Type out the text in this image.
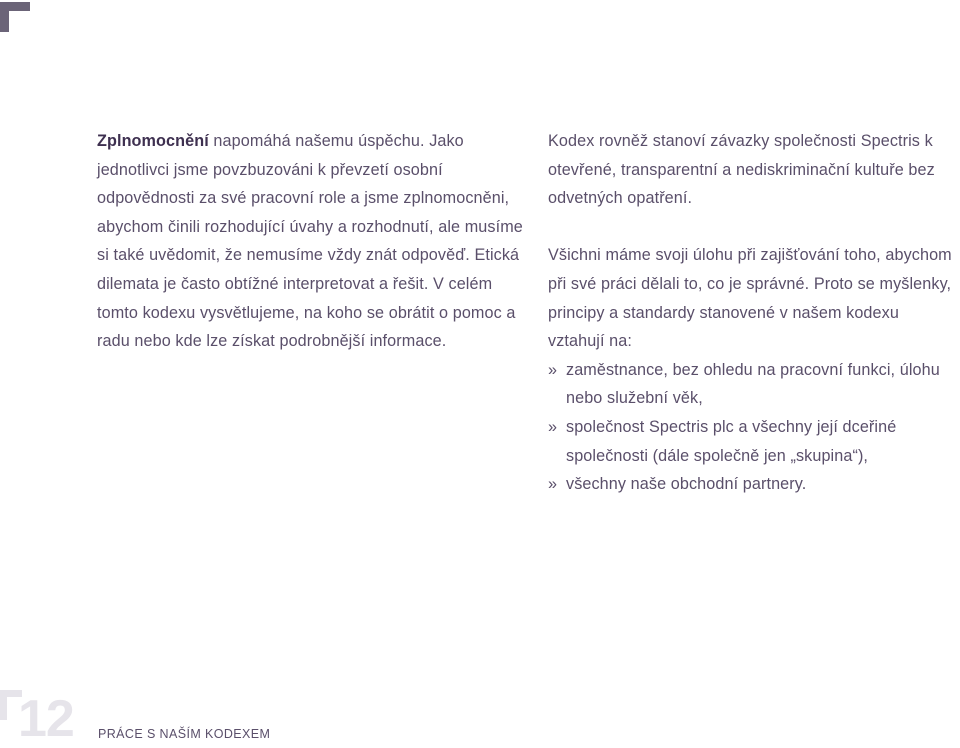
Zplnomocnění napomáhá našemu úspěchu. Jako jednotlivci jsme povzbuzováni k převzetí osobní odpovědnosti za své pracovní role a jsme zplnomocněni, abychom činili rozhodující úvahy a rozhodnutí, ale musíme si také uvědomit, že nemusíme vždy znát odpověď. Etická dilemata je často obtížné interpretovat a řešit. V celém tomto kodexu vysvětlujeme, na koho se obrátit o pomoc a radu nebo kde lze získat podrobnější informace.

Kodex rovněž stanoví závazky společnosti Spectris k otevřené, transparentní a nediskriminační kultuře bez odvetných opatření.

Všichni máme svoji úlohu při zajišťování toho, abychom při své práci dělali to, co je správné. Proto se myšlenky, principy a standardy stanovené v našem kodexu vztahují na:

» zaměstnance, bez ohledu na pracovní funkci, úlohu nebo služební věk,
» společnost Spectris plc a všechny její dceřiné společnosti (dále společně jen „skupina“),
» všechny naše obchodní partnery.
12 PRÁCE S NAŠÍM KODEXEM
